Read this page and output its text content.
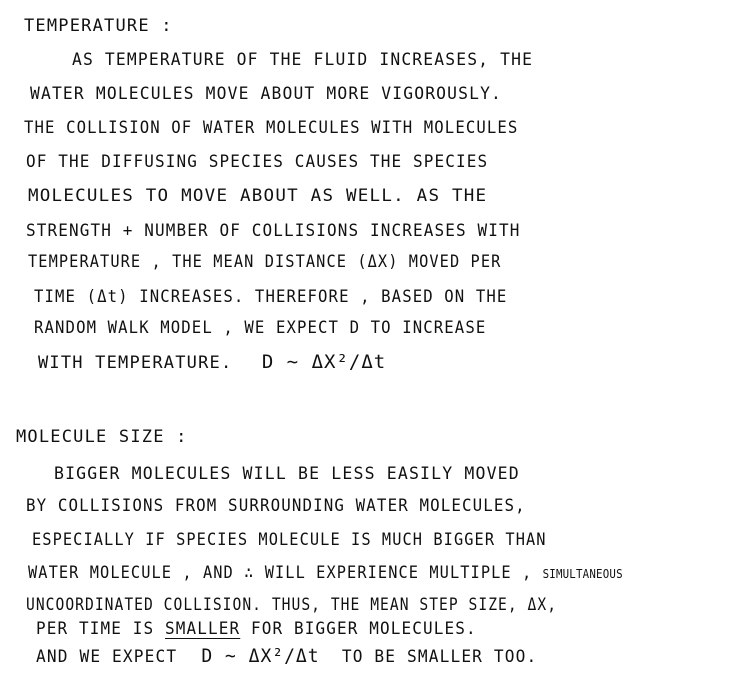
TEMPERATURE :
AS TEMPERATURE OF THE FLUID INCREASES, THE
WATER MOLECULES MOVE ABOUT MORE VIGOROUSLY.
THE COLLISION OF WATER MOLECULES WITH MOLECULES
OF THE DIFFUSING SPECIES CAUSES THE SPECIES
MOLECULES TO MOVE ABOUT AS WELL. AS THE
STRENGTH + NUMBER OF COLLISIONS INCREASES WITH
TEMPERATURE , THE MEAN DISTANCE (ΔX) MOVED PER
TIME (Δt) INCREASES. THEREFORE , BASED ON THE
RANDOM WALK MODEL , WE EXPECT D TO INCREASE
WITH TEMPERATURE. D ∼ ΔX²/Δt
MOLECULE SIZE :
BIGGER MOLECULES WILL BE LESS EASILY MOVED
BY COLLISIONS FROM SURROUNDING WATER MOLECULES,
ESPECIALLY IF SPECIES MOLECULE IS MUCH BIGGER THAN
WATER MOLECULE , AND ∴ WILL EXPERIENCE MULTIPLE , SIMULTANEOUS
UNCOORDINATED COLLISION. THUS, THE MEAN STEP SIZE, ΔX,
PER TIME IS SMALLER FOR BIGGER MOLECULES.
AND WE EXPECT D ∼ ΔX²/Δt TO BE SMALLER TOO.
